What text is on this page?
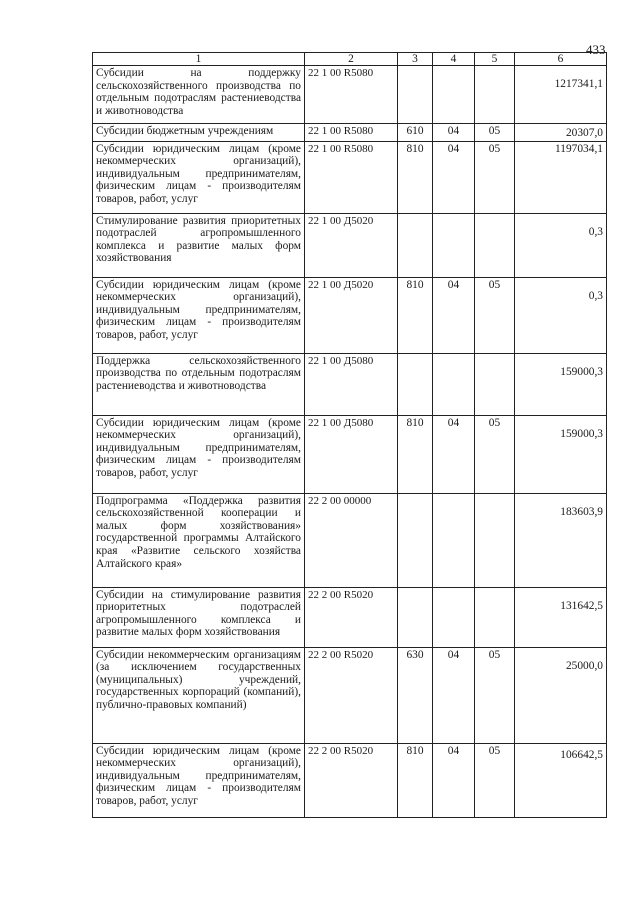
433
1	2	3	4	5	6
Субсидии на поддержку сельскохозяйственного производства по отдельным подотраслям растениеводства и животноводства	22 1 00 R5080				1217341,1
Субсидии бюджетным учреждениям	22 1 00 R5080	610	04	05	20307,0
Субсидии юридическим лицам (кроме некоммерческих организаций), индивидуальным предпринимателям, физическим лицам - производителям товаров, работ, услуг	22 1 00 R5080	810	04	05	1197034,1
Стимулирование развития приоритетных подотраслей агропромышленного комплекса и развитие малых форм хозяйствования	22 1 00 Д5020				0,3
Субсидии юридическим лицам (кроме некоммерческих организаций), индивидуальным предпринимателям, физическим лицам - производителям товаров, работ, услуг	22 1 00 Д5020	810	04	05	0,3
Поддержка сельскохозяйственного производства по отдельным подотраслям растениеводства и животноводства	22 1 00 Д5080				159000,3
Субсидии юридическим лицам (кроме некоммерческих организаций), индивидуальным предпринимателям, физическим лицам - производителям товаров, работ, услуг	22 1 00 Д5080	810	04	05	159000,3
Подпрограмма «Поддержка развития сельскохозяйственной кооперации и малых форм хозяйствования» государственной программы Алтайского края «Развитие сельского хозяйства Алтайского края»	22 2 00 00000				183603,9
Субсидии на стимулирование развития приоритетных подотраслей агропромышленного комплекса и развитие малых форм хозяйствования	22 2 00 R5020				131642,5
Субсидии некоммерческим организациям (за исключением государственных (муниципальных) учреждений, государственных корпораций (компаний), публично-правовых компаний)	22 2 00 R5020	630	04	05	25000,0
Субсидии юридическим лицам (кроме некоммерческих организаций), индивидуальным предпринимателям, физическим лицам - производителям товаров, работ, услуг	22 2 00 R5020	810	04	05	106642,5
